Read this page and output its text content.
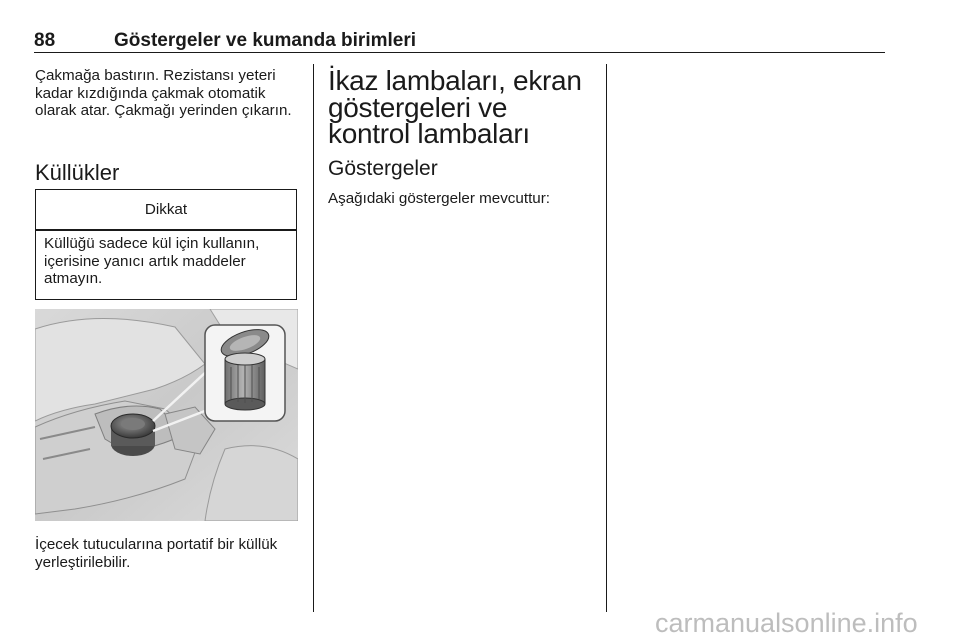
88	Göstergeler ve kumanda birimleri

Çakmağa bastırın. Rezistansı yeteri kadar kızdığında çakmak otomatik olarak atar. Çakmağı yerinden çıkarın.

Küllükler
Dikkat

Küllüğü sadece kül için kullanın, içerisine yanıcı artık maddeler atmayın.

İçecek tutucularına portatif bir küllük yerleştirilebilir.

İkaz lambaları, ekran göstergeleri ve kontrol lambaları
Göstergeler

Aşağıdaki göstergeler mevcuttur:

carmanualsonline.info
